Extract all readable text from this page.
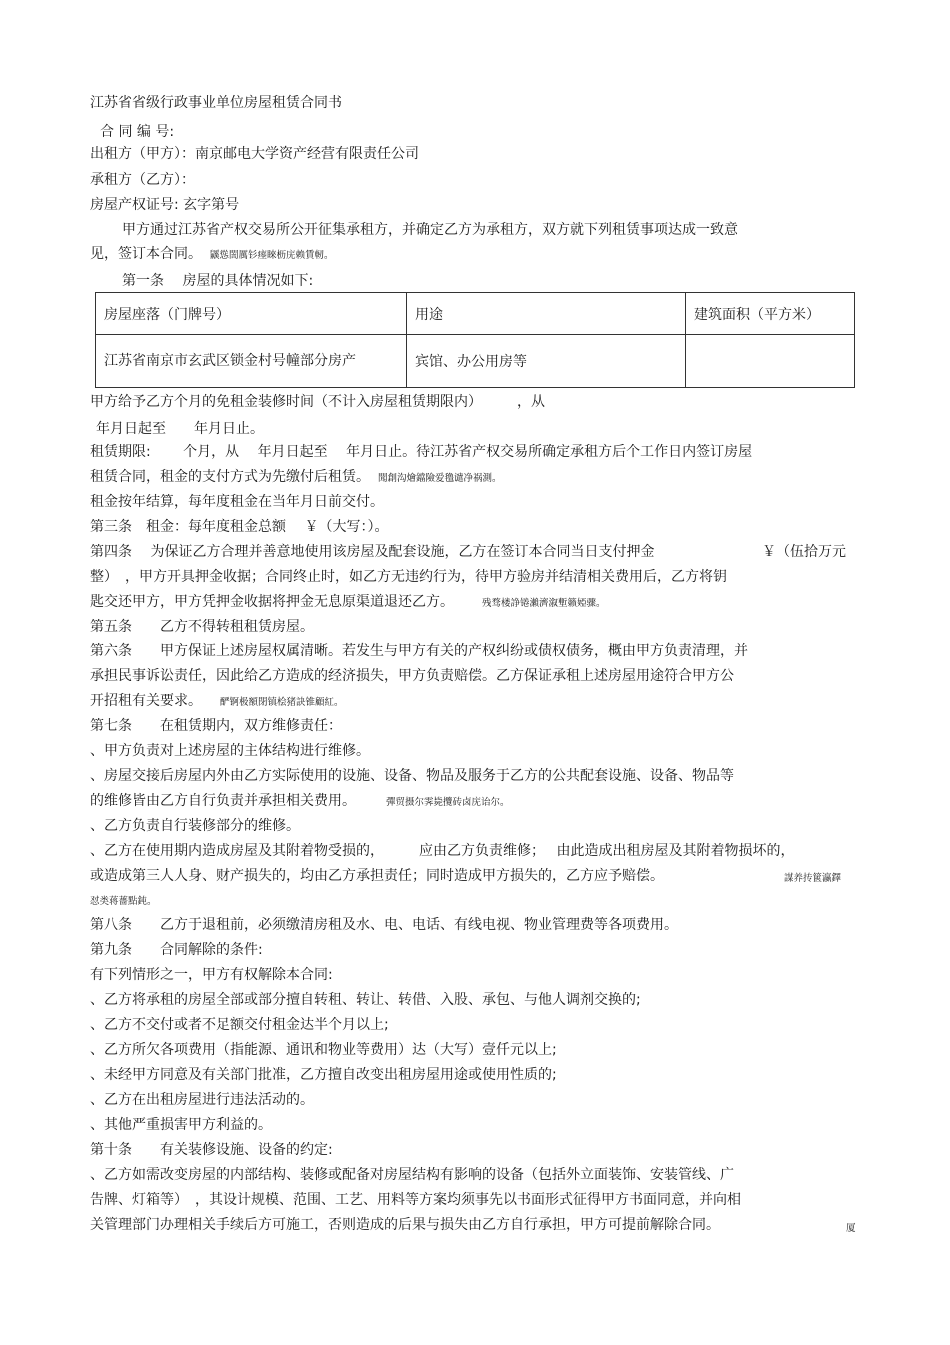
江苏省省级行政事业单位房屋租赁合同书
合 同 编 号:
出租方（甲方）：南京邮电大学资产经营有限责任公司
承租方（乙方）：
房屋产权证号: 玄字第号
甲方通过江苏省产权交易所公开征集承租方，并确定乙方为承租方，双方就下列租赁事项达成一致意
见，签订本合同。 鼷慫誾厲钐瘗睞枥庑赖賃軔。
第一条　 房屋的具体情况如下:
房屋座落（门牌号）	用途	建筑面积（平方米）
江苏省南京市玄武区锁金村号幢部分房产	宾馆、办公用房等	
甲方给予乙方个月的免租金装修时间（不计入房屋租赁期限内）　　　，从
年月日起至　　年月日止。
租赁期限:　　 个月，从　 年月日起至　 年月日止。待江苏省产权交易所确定承租方后个工作日内签订房屋
租赁合同，租金的支付方式为先缴付后租赁。 聞創沟燴鐺險爱氇谴净祸測。
租金按年结算，每年度租金在当年月日前交付。
第三条　租金：每年度租金总额　 ￥（大写：）。
第四条　 为保证乙方合理并善意地使用该房屋及配套设施，乙方在签订本合同当日支付押金	￥（伍拾万元
整）　，甲方开具押金收据；合同终止时，如乙方无违约行为，待甲方验房并结清相关费用后，乙方将钥
匙交还甲方，甲方凭押金收据将押金无息原渠道退还乙方。	残骛楼諍锩瀨濟溆塹籟婭骤。
第五条　　乙方不得转租租赁房屋。
第六条　　甲方保证上述房屋权属清晰。若发生与甲方有关的产权纠纷或债权债务，概由甲方负责清理，并
承担民事诉讼责任，因此给乙方造成的经济损失，甲方负责赔偿。乙方保证承租上述房屋用途符合甲方公
开招租有关要求。 酽锕极額閉镇桧猪訣锥顧紅。
第七条　　在租赁期内，双方维修责任：
、甲方负责对上述房屋的主体结构进行维修。
、房屋交接后房屋内外由乙方实际使用的设施、设备、物品及服务于乙方的公共配套设施、设备、物品等
的维修皆由乙方自行负责并承担相关费用。	彈贸摄尔霁毙攬砖卤庑诒尔。
、乙方负责自行装修部分的维修。
、乙方在使用期内造成房屋及其附着物受损的，　　　应由乙方负责维修；　 由此造成出租房屋及其附着物损坏的，
或造成第三人人身、财产损失的，均由乙方承担责任；同时造成甲方损失的，乙方应予赔偿。	謀养抟篋瀛鐸
怼类蒋薔點鈍。
第八条　　乙方于退租前，必须缴清房租及水、电、电话、有线电视、物业管理费等各项费用。
第九条　　合同解除的条件:
有下列情形之一，甲方有权解除本合同:
、乙方将承租的房屋全部或部分擅自转租、转让、转借、入股、承包、与他人调剂交换的;
、乙方不交付或者不足额交付租金达半个月以上;
、乙方所欠各项费用（指能源、通讯和物业等费用）达（大写）壹仟元以上;
、未经甲方同意及有关部门批准，乙方擅自改变出租房屋用途或使用性质的;
、乙方在出租房屋进行违法活动的。
、其他严重损害甲方利益的。
第十条　　有关装修设施、设备的约定:
、乙方如需改变房屋的内部结构、装修或配备对房屋结构有影响的设备（包括外立面装饰、安装管线、广
告牌、灯箱等）　，其设计规模、范围、工艺、用料等方案均须事先以书面形式征得甲方书面同意，并向相
关管理部门办理相关手续后方可施工，否则造成的后果与损失由乙方自行承担，甲方可提前解除合同。	厦
